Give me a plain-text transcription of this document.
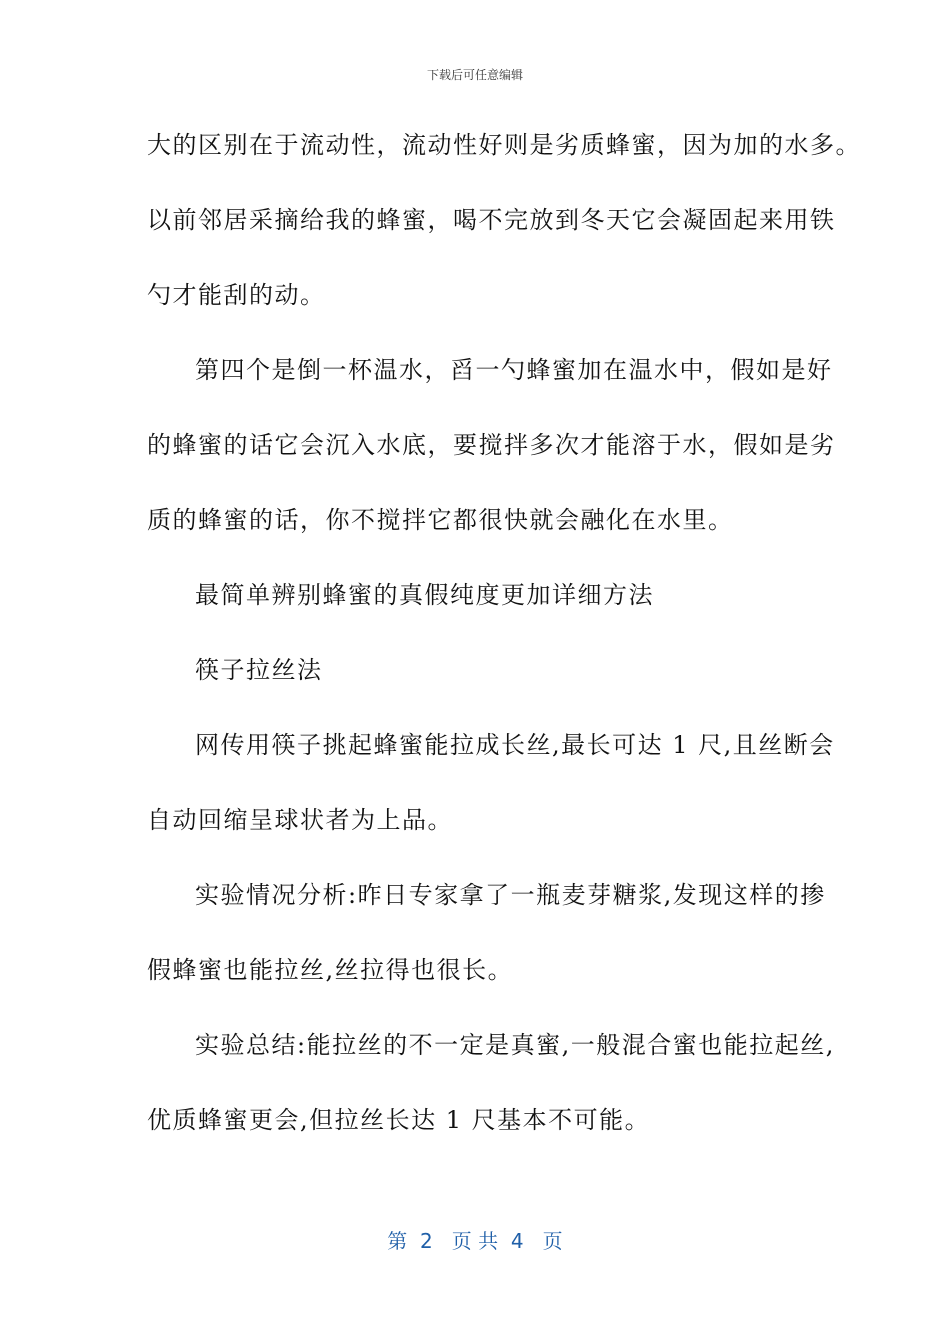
下载后可任意编辑
大的区别在于流动性，流动性好则是劣质蜂蜜，因为加的水多。
以前邻居采摘给我的蜂蜜，喝不完放到冬天它会凝固起来用铁
勺才能刮的动。
第四个是倒一杯温水，舀一勺蜂蜜加在温水中，假如是好
的蜂蜜的话它会沉入水底，要搅拌多次才能溶于水，假如是劣
质的蜂蜜的话，你不搅拌它都很快就会融化在水里。
最简单辨别蜂蜜的真假纯度更加详细方法
筷子拉丝法
网传用筷子挑起蜂蜜能拉成长丝,最长可达 1 尺,且丝断会
自动回缩呈球状者为上品。
实验情况分析:昨日专家拿了一瓶麦芽糖浆,发现这样的掺
假蜂蜜也能拉丝,丝拉得也很长。
实验总结:能拉丝的不一定是真蜜,一般混合蜜也能拉起丝,
优质蜂蜜更会,但拉丝长达 1 尺基本不可能。
第  2   页 共  4   页
